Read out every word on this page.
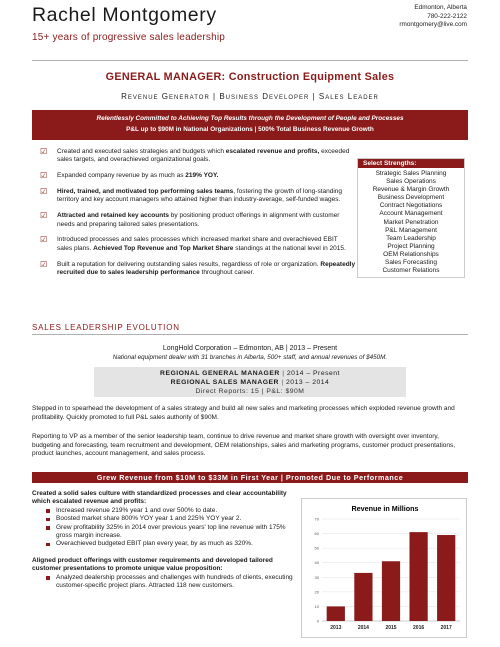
Rachel Montgomery
15+ years of progressive sales leadership
Edmonton, Alberta
780-222-2122
rmontgomery@live.com
GENERAL MANAGER: Construction Equipment Sales
Revenue Generator | Business Developer | Sales Leader
Relentlessly Committed to Achieving Top Results through the Development of People and Processes
P&L up to $90M in National Organizations | 500% Total Business Revenue Growth
☑ Created and executed sales strategies and budgets which escalated revenue and profits, exceeded sales targets, and overachieved organizational goals.
☑ Expanded company revenue by as much as 219% YOY.
☑ Hired, trained, and motivated top performing sales teams, fostering the growth of long-standing territory and key account managers who attained higher than industry-average, self-funded wages.
☑ Attracted and retained key accounts by positioning product offerings in alignment with customer needs and preparing tailored sales presentations.
☑ Introduced processes and sales processes which increased market share and overachieved EBIT sales plans. Achieved Top Revenue and Top Market Share standings at the national level in 2015.
☑ Built a reputation for delivering outstanding sales results, regardless of role or organization. Repeatedly recruited due to sales leadership performance throughout career.
Select Strengths:
Strategic Sales Planning
Sales Operations
Revenue & Margin Growth
Business Development
Contract Negotiations
Account Management
Market Penetration
P&L Management
Team Leadership
Project Planning
OEM Relationships
Sales Forecasting
Customer Relations
SALES LEADERSHIP EVOLUTION
LongHold Corporation – Edmonton, AB | 2013 – Present
National equipment dealer with 31 branches in Alberta, 500+ staff, and annual revenues of $450M.
REGIONAL GENERAL MANAGER | 2014 – Present
REGIONAL SALES MANAGER | 2013 – 2014
Direct Reports: 15 | P&L: $90M
Stepped in to spearhead the development of a sales strategy and build all new sales and marketing processes which exploded revenue growth and profitability. Quickly promoted to full P&L sales authority of $90M.
Reporting to VP as a member of the senior leadership team, continue to drive revenue and market share growth with oversight over inventory, budgeting and forecasting, team recruitment and development, OEM relationships, sales and marketing programs, customer product presentations, product launches, account management, and sales process.
Grew Revenue from $10M to $33M in First Year | Promoted Due to Performance
Created a solid sales culture with standardized processes and clear accountability which escalated revenue and profits:
Increased revenue 219% year 1 and over 500% to date.
Boosted market share 800% YOY year 1 and 225% YOY year 2.
Grew profitability 325% in 2014 over previous years' top line revenue with 175% gross margin increase.
Overachieved budgeted EBIT plan every year, by as much as 320%.
Aligned product offerings with customer requirements and developed tailored customer presentations to promote unique value proposition:
Analyzed dealership processes and challenges with hundreds of clients, executing customer-specific project plans. Attracted 118 new customers.
Revenue in Millions
0
10
20
30
40
50
60
70
2013	2014	2015	2016	2017
